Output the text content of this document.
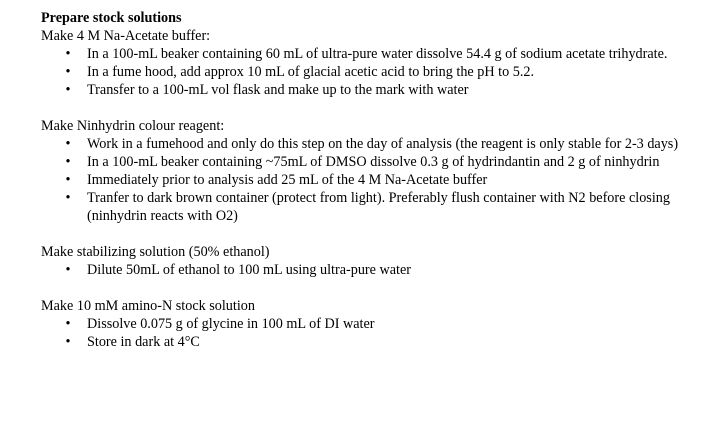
Prepare stock solutions

Make 4 M Na-Acetate buffer:

• In a 100-mL beaker containing 60 mL of ultra-pure water dissolve 54.4 g of sodium acetate trihydrate.
• In a fume hood, add approx 10 mL of glacial acetic acid to bring the pH to 5.2.
• Transfer to a 100-mL vol flask and make up to the mark with water

Make Ninhydrin colour reagent:

• Work in a fumehood and only do this step on the day of analysis (the reagent is only stable for 2-3 days)
• In a 100-mL beaker containing ~75mL of DMSO dissolve 0.3 g of hydrindantin and 2 g of ninhydrin
• Immediately prior to analysis add 25 mL of the 4 M Na-Acetate buffer
• Tranfer to dark brown container (protect from light). Preferably flush container with N2 before closing (ninhydrin reacts with O2)

Make stabilizing solution (50% ethanol)

• Dilute 50mL of ethanol to 100 mL using ultra-pure water

Make 10 mM amino-N stock solution

• Dissolve 0.075 g of glycine in 100 mL of DI water
• Store in dark at 4°C
